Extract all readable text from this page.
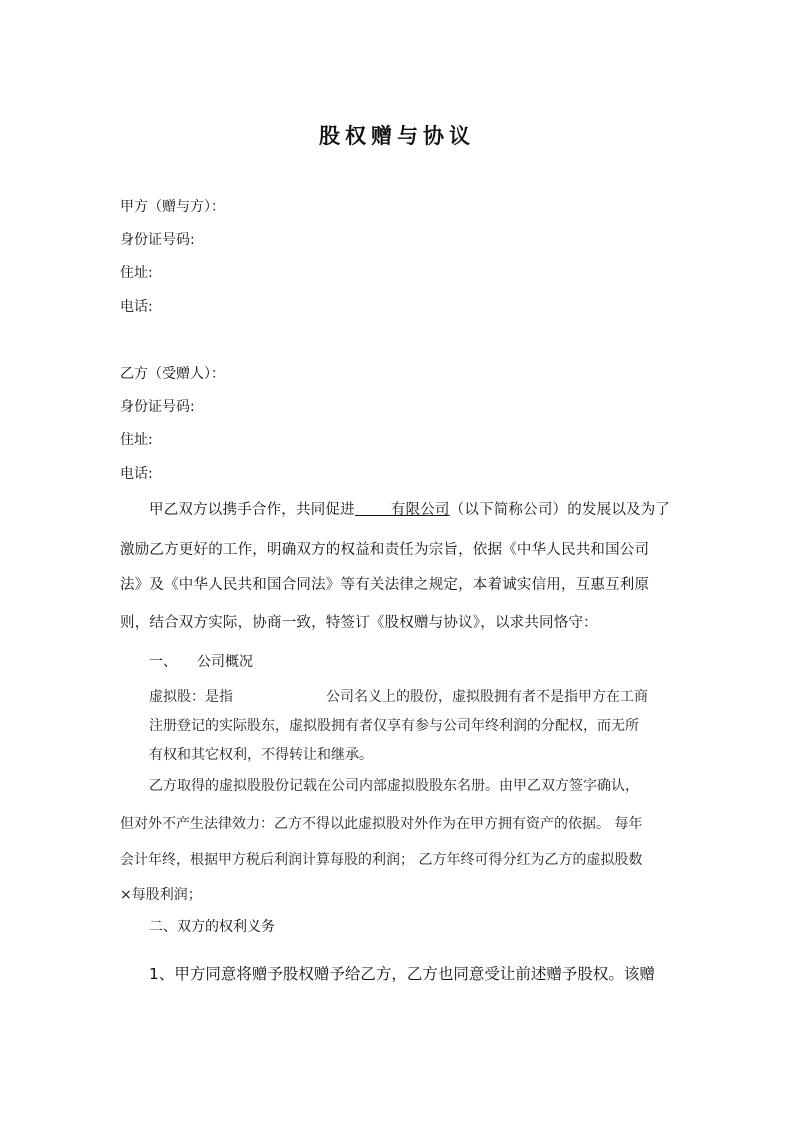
股权赠与协议
甲方（赠与方）：
身份证号码:
住址:
电话:
乙方（受赠人）：
身份证号码:
住址:
电话:
甲乙双方以携手合作，共同促进 有限公司（以下简称公司）的发展以及为了
激励乙方更好的工作，明确双方的权益和责任为宗旨，依据《中华人民共和国公司
法》及《中华人民共和国合同法》等有关法律之规定，本着诚实信用，互惠互利原
则，结合双方实际，协商一致，特签订《股权赠与协议》，以求共同恪守：
一、 公司概况
虚拟股：是指	公司名义上的股份，虚拟股拥有者不是指甲方在工商
注册登记的实际股东，虚拟股拥有者仅享有参与公司年终利润的分配权，而无所
有权和其它权利，不得转让和继承。
乙方取得的虚拟股股份记载在公司内部虚拟股股东名册。由甲乙双方签字确认，
但对外不产生法律效力：乙方不得以此虚拟股对外作为在甲方拥有资产的依据。 每年
会计年终，根据甲方税后利润计算每股的利润； 乙方年终可得分红为乙方的虚拟股数
×每股利润；
二、双方的权利义务
1、甲方同意将赠予股权赠予给乙方，乙方也同意受让前述赠予股权。该赠
